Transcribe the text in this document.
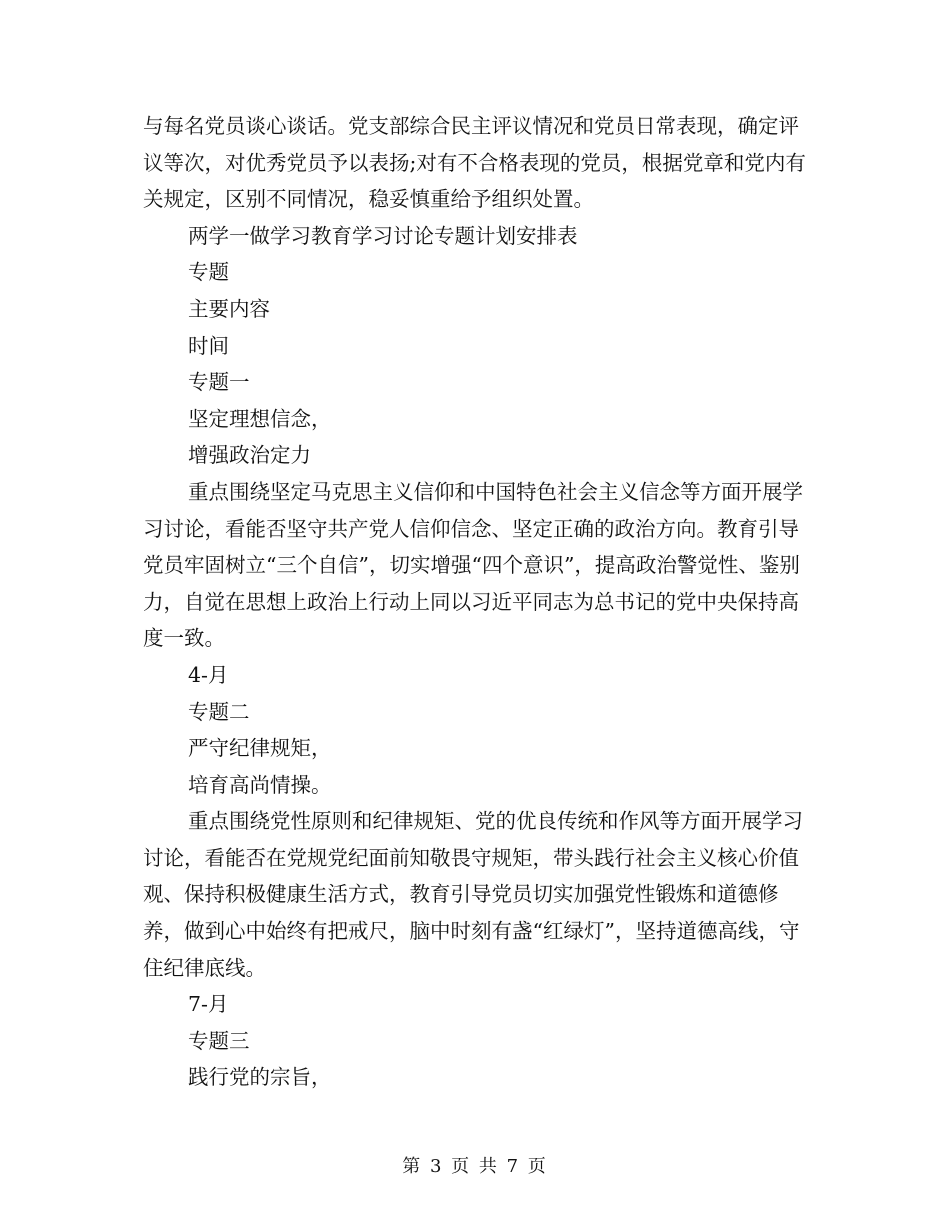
与每名党员谈心谈话。党支部综合民主评议情况和党员日常表现，确定评议等次，对优秀党员予以表扬;对有不合格表现的党员，根据党章和党内有关规定，区别不同情况，稳妥慎重给予组织处置。

两学一做学习教育学习讨论专题计划安排表

专题

主要内容

时间

专题一

坚定理想信念，

增强政治定力

重点围绕坚定马克思主义信仰和中国特色社会主义信念等方面开展学习讨论，看能否坚守共产党人信仰信念、坚定正确的政治方向。教育引导党员牢固树立“三个自信”，切实增强“四个意识”，提高政治警觉性、鉴别力，自觉在思想上政治上行动上同以习近平同志为总书记的党中央保持高度一致。

4-月

专题二

严守纪律规矩，

培育高尚情操。

重点围绕党性原则和纪律规矩、党的优良传统和作风等方面开展学习讨论，看能否在党规党纪面前知敬畏守规矩，带头践行社会主义核心价值观、保持积极健康生活方式，教育引导党员切实加强党性锻炼和道德修养，做到心中始终有把戒尺，脑中时刻有盏“红绿灯”，坚持道德高线，守住纪律底线。

7-月

专题三

践行党的宗旨，

第 3 页 共 7 页
